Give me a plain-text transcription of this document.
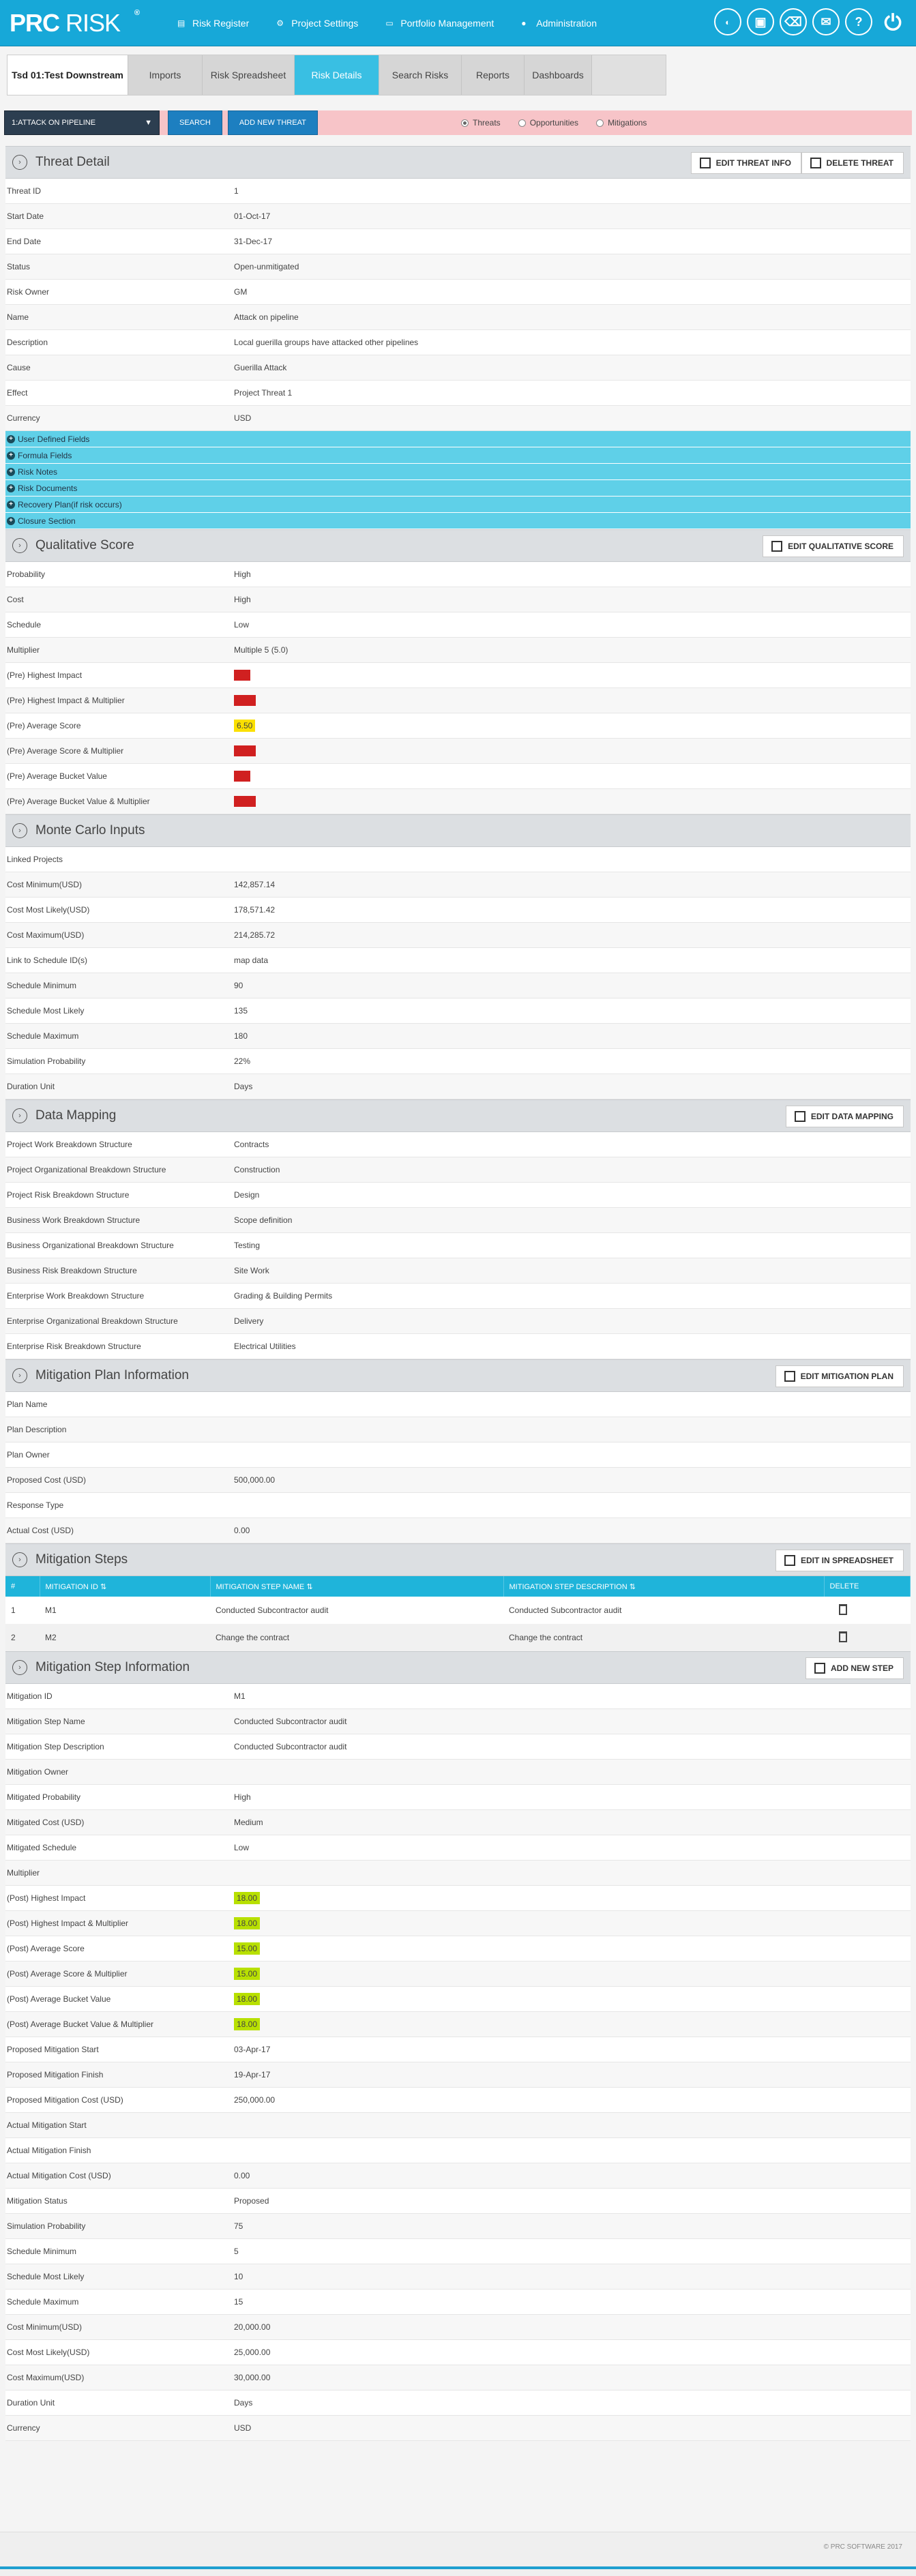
PRC RISK ®
▤ Risk Register	⚙ Project Settings	▭ Portfolio Management	●	Administration	◐	▣	⌫	✉	? ⏻
Tsd 01:Test Downstream	Imports	Risk Spreadsheet	Risk Details	Search Risks	Reports	Dashboards
1:ATTACK ON PIPELINE	▼	SEARCH	ADD NEW THREAT	Threats	Opportunities	Mitigations
›	Threat Detail	EDIT THREAT INFO	DELETE THREAT
Threat ID	1
Start Date	01-Oct-17
End Date	31-Dec-17
Status	Open-unmitigated
Risk Owner	GM
Name	Attack on pipeline
Description	Local guerilla groups have attacked other pipelines
Cause	Guerilla Attack
Effect	Project Threat 1
Currency	USD
+ User Defined Fields
+ Formula Fields
+ Risk Notes
+ Risk Documents
+ Recovery Plan(if risk occurs)
+ Closure Section
›	Qualitative Score	EDIT QUALITATIVE SCORE
Probability	High
Cost	High
Schedule	Low
Multiplier	Multiple 5 (5.0)
(Pre) Highest Impact
(Pre) Highest Impact & Multiplier
(Pre) Average Score	6.50
(Pre) Average Score & Multiplier
(Pre) Average Bucket Value
(Pre) Average Bucket Value & Multiplier
›	Monte Carlo Inputs
Linked Projects
Cost Minimum(USD)	142,857.14
Cost Most Likely(USD)	178,571.42
Cost Maximum(USD)	214,285.72
Link to Schedule ID(s)	map data
Schedule Minimum	90
Schedule Most Likely	135
Schedule Maximum	180
Simulation Probability	22%
Duration Unit	Days
›	Data Mapping	EDIT DATA MAPPING
Project Work Breakdown Structure	Contracts
Project Organizational Breakdown Structure	Construction
Project Risk Breakdown Structure	Design
Business Work Breakdown Structure	Scope definition
Business Organizational Breakdown Structure	Testing
Business Risk Breakdown Structure	Site Work
Enterprise Work Breakdown Structure	Grading & Building Permits
Enterprise Organizational Breakdown Structure	Delivery
Enterprise Risk Breakdown Structure	Electrical Utilities
›	Mitigation Plan Information	EDIT MITIGATION PLAN
Plan Name
Plan Description
Plan Owner
Proposed Cost (USD)	500,000.00
Response Type
Actual Cost (USD)	0.00
›	Mitigation Steps	EDIT IN SPREADSHEET
#	MITIGATION ID ⇅	MITIGATION STEP NAME ⇅	MITIGATION STEP DESCRIPTION ⇅	DELETE
1	M1	Conducted Subcontractor audit	Conducted Subcontractor audit	
2	M2	Change the contract	Change the contract	
›	Mitigation Step Information	ADD NEW STEP
Mitigation ID	M1
Mitigation Step Name	Conducted Subcontractor audit
Mitigation Step Description	Conducted Subcontractor audit
Mitigation Owner
Mitigated Probability	High
Mitigated Cost (USD)	Medium
Mitigated Schedule	Low
Multiplier
(Post) Highest Impact	18.00
(Post) Highest Impact & Multiplier	18.00
(Post) Average Score	15.00
(Post) Average Score & Multiplier	15.00
(Post) Average Bucket Value	18.00
(Post) Average Bucket Value & Multiplier	18.00
Proposed Mitigation Start	03-Apr-17
Proposed Mitigation Finish	19-Apr-17
Proposed Mitigation Cost (USD)	250,000.00
Actual Mitigation Start
Actual Mitigation Finish
Actual Mitigation Cost (USD)	0.00
Mitigation Status	Proposed
Simulation Probability	75
Schedule Minimum	5
Schedule Most Likely	10
Schedule Maximum	15
Cost Minimum(USD)	20,000.00
Cost Most Likely(USD)	25,000.00
Cost Maximum(USD)	30,000.00
Duration Unit	Days
Currency	USD
© PRC SOFTWARE 2017
